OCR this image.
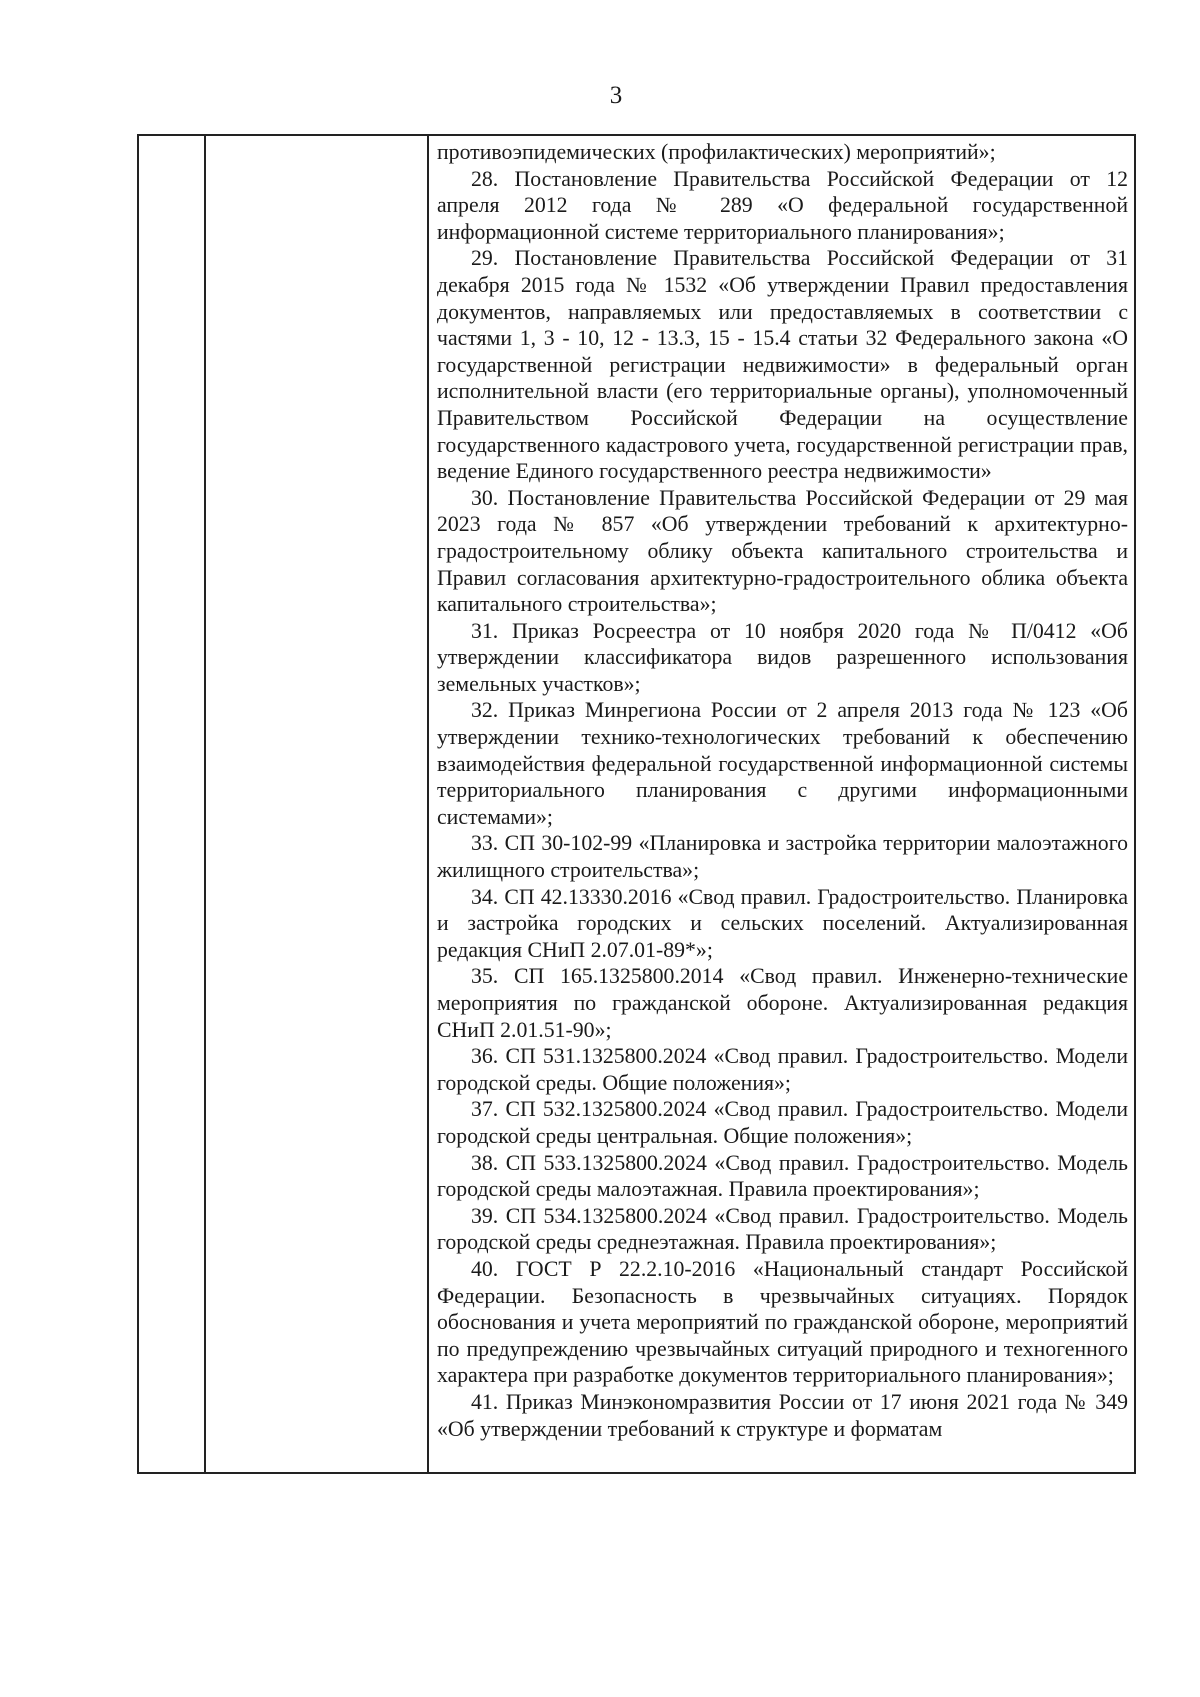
3

противоэпидемических (профилактических) мероприятий»;

28. Постановление Правительства Российской Федерации от 12 апреля 2012 года № 289 «О федеральной государственной информационной системе территориального планирования»;

29. Постановление Правительства Российской Федерации от 31 декабря 2015 года № 1532 «Об утверждении Правил предоставления документов, направляемых или предоставляемых в соответствии с частями 1, 3 - 10, 12 - 13.3, 15 - 15.4 статьи 32 Федерального закона «О государственной регистрации недвижимости» в федеральный орган исполнительной власти (его территориальные органы), уполномоченный Правительством Российской Федерации на осуществление государственного кадастрового учета, государственной регистрации прав, ведение Единого государственного реестра недвижимости»

30. Постановление Правительства Российской Федерации от 29 мая 2023 года № 857 «Об утверждении требований к архитектурно-градостроительному облику объекта капитального строительства и Правил согласования архитектурно-градостроительного облика объекта капитального строительства»;

31. Приказ Росреестра от 10 ноября 2020 года № П/0412 «Об утверждении классификатора видов разрешенного использования земельных участков»;

32. Приказ Минрегиона России от 2 апреля 2013 года № 123 «Об утверждении технико-технологических требований к обеспечению взаимодействия федеральной государственной информационной системы территориального планирования с другими информационными системами»;

33. СП 30-102-99 «Планировка и застройка территории малоэтажного жилищного строительства»;

34. СП 42.13330.2016 «Свод правил. Градостроительство. Планировка и застройка городских и сельских поселений. Актуализированная редакция СНиП 2.07.01-89*»;

35. СП 165.1325800.2014 «Свод правил. Инженерно-технические мероприятия по гражданской обороне. Актуализированная редакция СНиП 2.01.51-90»;

36. СП 531.1325800.2024 «Свод правил. Градостроительство. Модели городской среды. Общие положения»;

37. СП 532.1325800.2024 «Свод правил. Градостроительство. Модели городской среды центральная. Общие положения»;

38. СП 533.1325800.2024 «Свод правил. Градостроительство. Модель городской среды малоэтажная. Правила проектирования»;

39. СП 534.1325800.2024 «Свод правил. Градостроительство. Модель городской среды среднеэтажная. Правила проектирования»;

40. ГОСТ Р 22.2.10-2016 «Национальный стандарт Российской Федерации. Безопасность в чрезвычайных ситуациях. Порядок обоснования и учета мероприятий по гражданской обороне, мероприятий по предупреждению чрезвычайных ситуаций природного и техногенного характера при разработке документов территориального планирования»;

41. Приказ Минэкономразвития России от 17 июня 2021 года № 349 «Об утверждении требований к структуре и форматам
